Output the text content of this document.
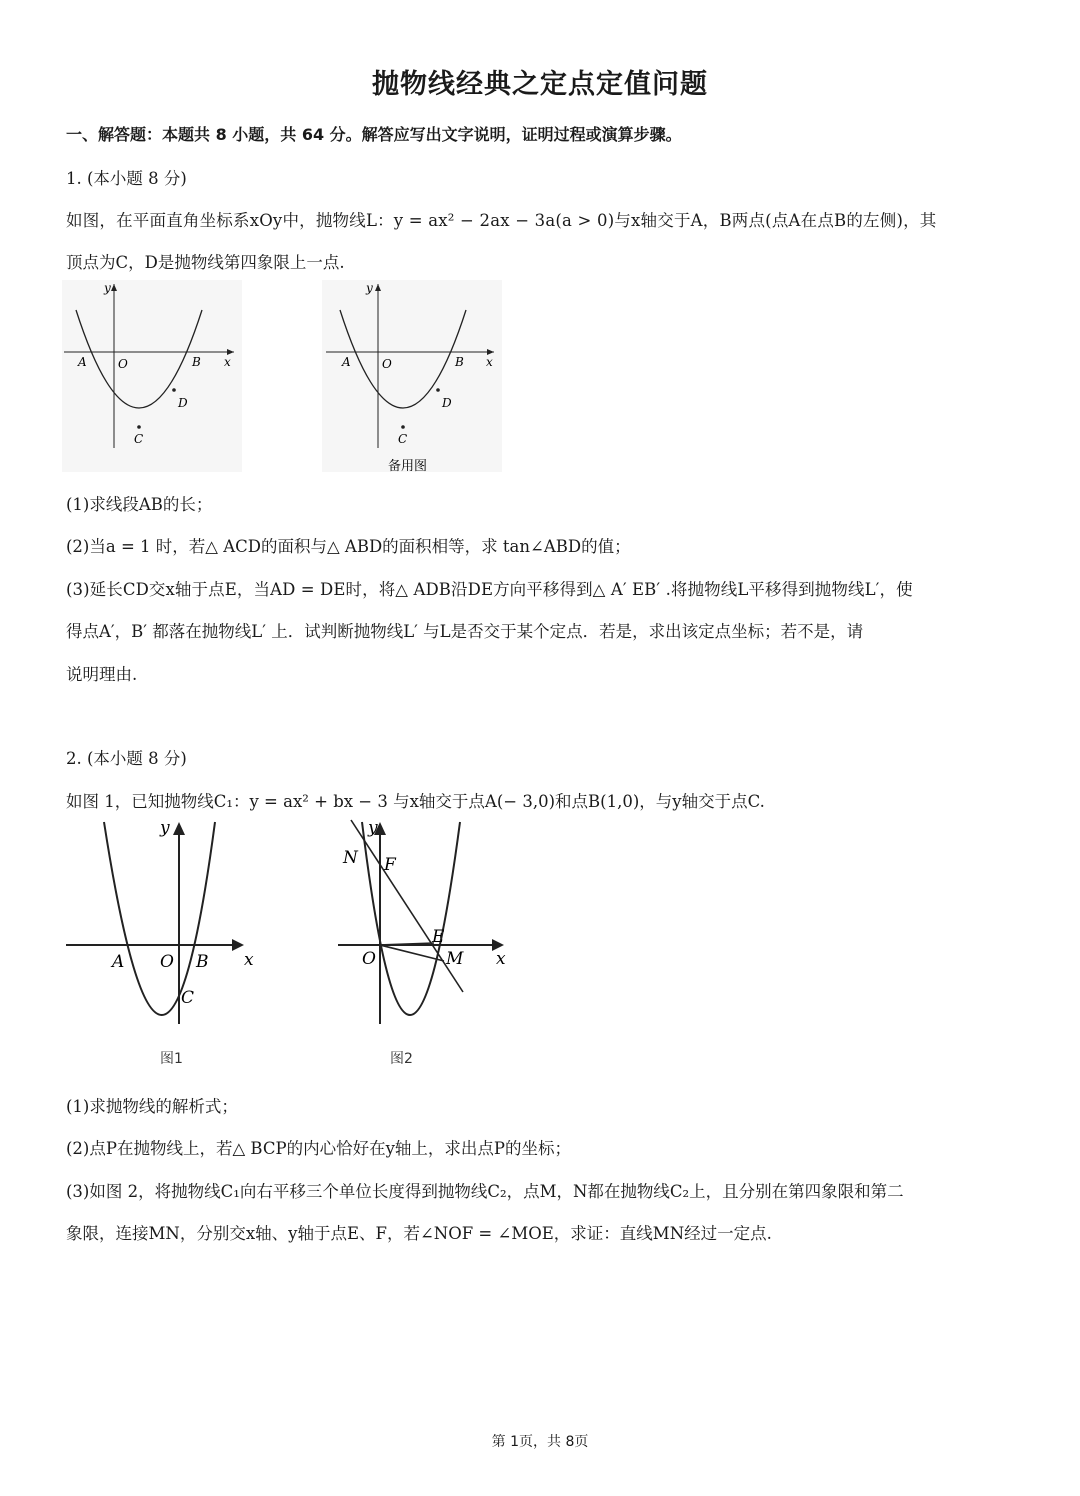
抛物线经典之定点定值问题
一、解答题：本题共 8 小题，共 64 分。解答应写出文字说明，证明过程或演算步骤。
1. (本小题 8 分)
如图，在平面直角坐标系xOy中，抛物线L：y = ax² − 2ax − 3a(a > 0)与x轴交于A，B两点(点A在点B的左侧)，其
顶点为C，D是抛物线第四象限上一点.
y
x
A	O	B
C
D
y
x
A	O	B
C
D
备用图
(1)求线段AB的长；
(2)当a = 1 时，若△ ACD的面积与△ ABD的面积相等，求 tan∠ABD的值；
(3)延长CD交x轴于点E，当AD = DE时，将△ ADB沿DE方向平移得到△ A′ EB′ .将抛物线L平移得到抛物线L′，使
得点A′，B′ 都落在抛物线L′ 上．试判断抛物线L′ 与L是否交于某个定点．若是，求出该定点坐标；若不是，请
说明理由.
2. (本小题 8 分)
如图 1，已知抛物线C₁：y = ax² + bx − 3 与x轴交于点A(− 3,0)和点B(1,0)，与y轴交于点C.
y
x
A O B
C
图1
y
x
N F
E
O	M
图2
(1)求抛物线的解析式；
(2)点P在抛物线上，若△ BCP的内心恰好在y轴上，求出点P的坐标；
(3)如图 2，将抛物线C₁向右平移三个单位长度得到抛物线C₂，点M，N都在抛物线C₂上，且分别在第四象限和第二
象限，连接MN，分别交x轴、y轴于点E、F，若∠NOF = ∠MOE，求证：直线MN经过一定点.
第 1页，共 8页
